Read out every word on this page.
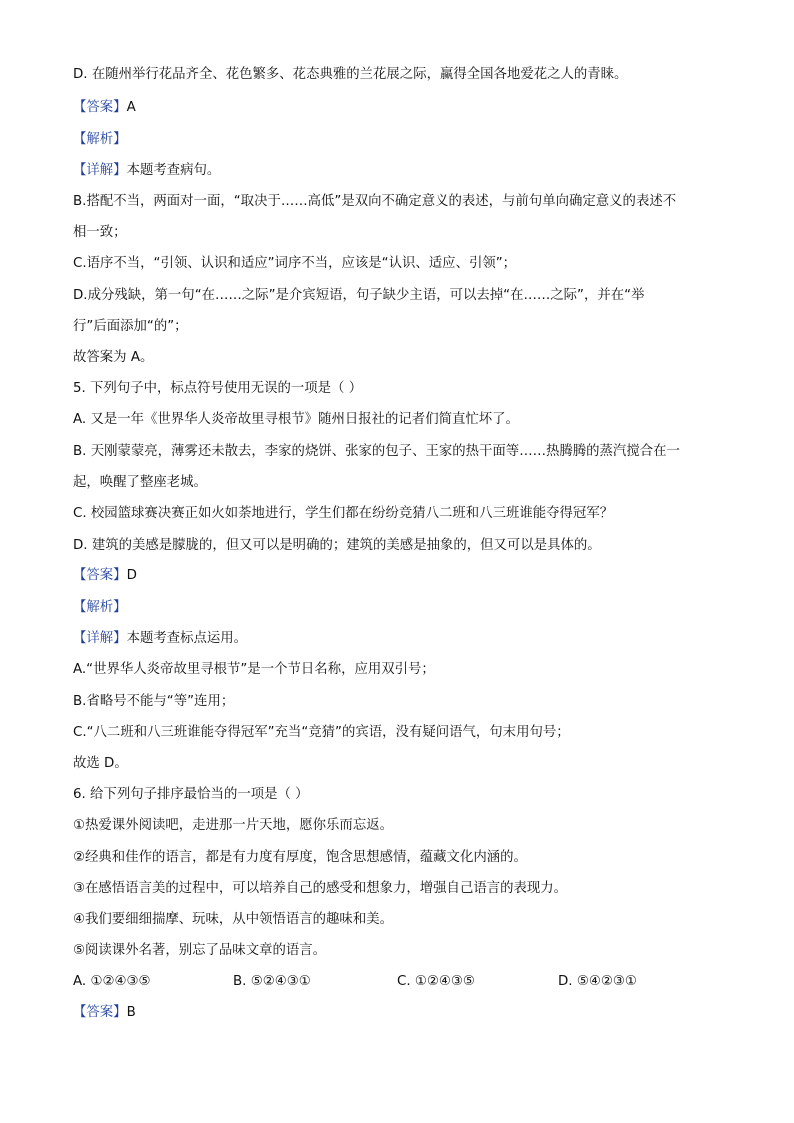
D. 在随州举行花品齐全、花色繁多、花态典雅的兰花展之际，赢得全国各地爱花之人的青睐。
【答案】A
【解析】
【详解】本题考查病句。
B.搭配不当，两面对一面，“取决于……高低”是双向不确定意义的表述，与前句单向确定意义的表述不
相一致；
C.语序不当，“引领、认识和适应”词序不当，应该是“认识、适应、引领”；
D.成分残缺，第一句“在……之际”是介宾短语，句子缺少主语，可以去掉“在……之际”，并在“举
行”后面添加“的”；
故答案为 A。
5. 下列句子中，标点符号使用无误的一项是（ ）
A. 又是一年《世界华人炎帝故里寻根节》随州日报社的记者们简直忙坏了。
B. 天刚蒙蒙亮，薄雾还未散去，李家的烧饼、张家的包子、王家的热干面等……热腾腾的蒸汽搅合在一
起，唤醒了整座老城。
C. 校园篮球赛决赛正如火如荼地进行，学生们都在纷纷竞猜八二班和八三班谁能夺得冠军？
D. 建筑的美感是朦胧的，但又可以是明确的；建筑的美感是抽象的，但又可以是具体的。
【答案】D
【解析】
【详解】本题考查标点运用。
A.“世界华人炎帝故里寻根节”是一个节日名称，应用双引号；
B.省略号不能与“等”连用；
C.“八二班和八三班谁能夺得冠军”充当“竞猜”的宾语，没有疑问语气，句末用句号；
故选 D。
6. 给下列句子排序最恰当的一项是（ ）
①热爱课外阅读吧，走进那一片天地，愿你乐而忘返。
②经典和佳作的语言，都是有力度有厚度，饱含思想感情，蕴藏文化内涵的。
③在感悟语言美的过程中，可以培养自己的感受和想象力，增强自己语言的表现力。
④我们要细细揣摩、玩味，从中领悟语言的趣味和美。
⑤阅读课外名著，别忘了品味文章的语言。
A. ①②④③⑤	B. ⑤②④③①	C. ①②④③⑤	D. ⑤④②③①
【答案】B
